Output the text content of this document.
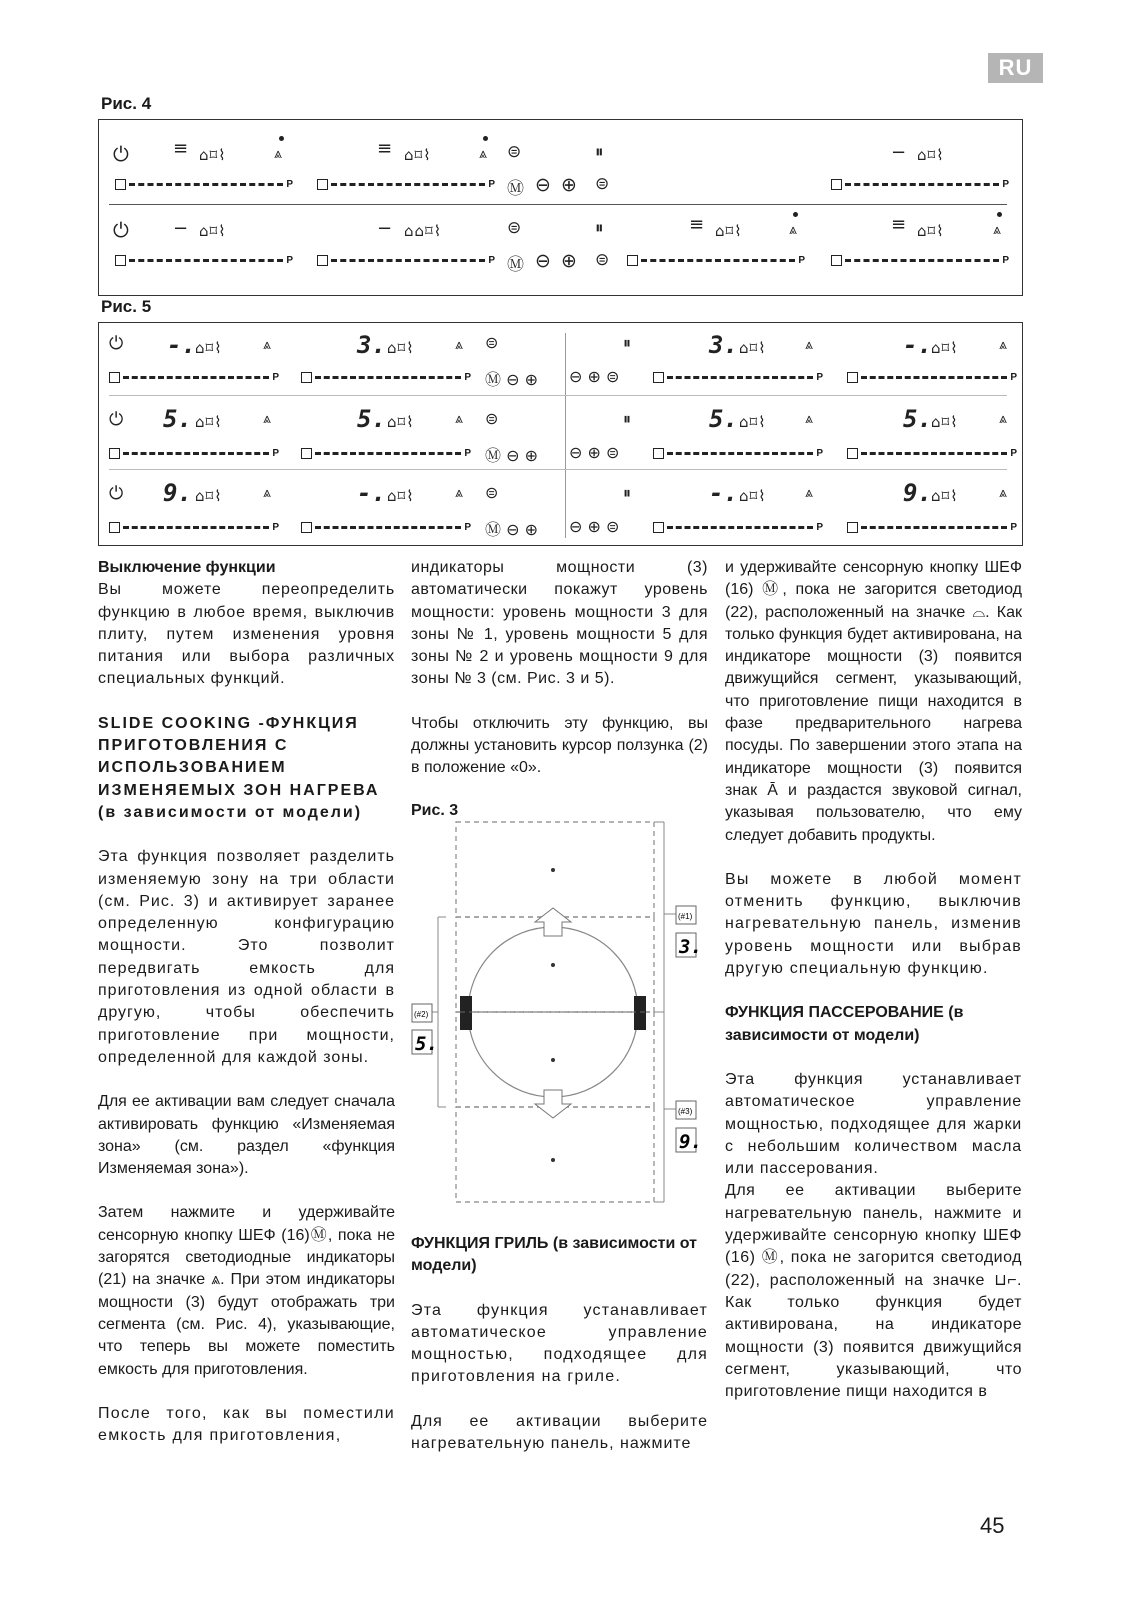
RU
Рис. 4
⏻ ≡ ⌂⌑⌇	⩓	≡ ⌂⌑⌇	⩓ ⊜	⏸	− ⌂⌑⌇
P	P Ⓜ ⊖ ⊕ ⊜	P
⏻ − ⌂⌑⌇	− ⌂⌂⌑⌇	⊜	⏸	≡ ⌂⌑⌇	⩓	≡ ⌂⌑⌇	⩓
P	P Ⓜ ⊖ ⊕ ⊜	P	P
Рис. 5
⏻ -. ⌂⌑⌇	⩓	3. ⌂⌑⌇	⩓ ⊜	⏸	3. ⌂⌑⌇	⩓	-. ⌂⌑⌇	⩓
P	P Ⓜ ⊖ ⊕ ⊖ ⊕ ⊜	P	P
⏻ 5. ⌂⌑⌇	⩓	5. ⌂⌑⌇	⩓ ⊜	⏸	5. ⌂⌑⌇	⩓	5. ⌂⌑⌇	⩓
P	P Ⓜ ⊖ ⊕ ⊖ ⊕ ⊜	P	P
⏻ 9. ⌂⌑⌇	⩓	-. ⌂⌑⌇	⩓ ⊜	⏸	-. ⌂⌑⌇	⩓	9. ⌂⌑⌇	⩓
P	P Ⓜ ⊖ ⊕ ⊖ ⊕ ⊜	P	P
Выключение функции

Вы можете переопределить функцию в любое время, выключив плиту, путем изменения уровня питания или выбора различных специальных функций.

SLIDE COOKING -ФУНКЦИЯ ПРИГОТОВЛЕНИЯ С ИСПОЛЬЗОВАНИЕМ ИЗМЕНЯЕМЫХ ЗОН НАГРЕВА (в зависимости от модели)

Эта функция позволяет разделить изменяемую зону на три области (см. Рис. 3) и активирует заранее определенную конфигурацию мощности. Это позволит передвигать емкость для приготовления из одной области в другую, чтобы обеспечить приготовление при мощности, определенной для каждой зоны.

Для ее активации вам следует сначала активировать функцию «Изменяемая зона» (см. раздел «функция Изменяемая зона»).

Затем нажмите и удерживайте сенсорную кнопку ШЕФ (16)Ⓜ, пока не загорятся светодиодные индикаторы (21) на значке ⩓. При этом индикаторы мощности (3) будут отображать три сегмента (см. Рис. 4), указывающие, что теперь вы можете поместить емкость для приготовления.

После того, как вы поместили емкость для приготовления,

индикаторы мощности (3) автоматически покажут уровень мощности: уровень мощности 3 для зоны № 1, уровень мощности 5 для зоны № 2 и уровень мощности 9 для зоны № 3 (см. Рис. 3 и 5).

Чтобы отключить эту функцию, вы должны установить курсор ползунка (2) в положение «0».

Рис. 3
(#1)
3.
(#2)
5.
(#3)
9.
ФУНКЦИЯ ГРИЛЬ (в зависимости от модели)

Эта функция устанавливает автоматическое управление мощностью, подходящее для приготовления на гриле.

Для ее активации выберите нагревательную панель, нажмите

и удерживайте сенсорную кнопку ШЕФ (16) Ⓜ, пока не загорится светодиод (22), расположенный на значке ⌓. Как только функция будет активирована, на индикаторе мощности (3) появится движущийся сегмент, указывающий, что приготовление пищи находится в фазе предварительного нагрева посуды. По завершении этого этапа на индикаторе мощности (3) появится знак Ā и раздастся звуковой сигнал, указывая пользователю, что ему следует добавить продукты.

Вы можете в любой момент отменить функцию, выключив нагревательную панель, изменив уровень мощности или выбрав другую специальную функцию.

ФУНКЦИЯ ПАССЕРОВАНИЕ (в зависимости от модели)

Эта функция устанавливает автоматическое управление мощностью, подходящее для жарки с небольшим количеством масла или пассерования.

Для ее активации выберите нагревательную панель, нажмите и удерживайте сенсорную кнопку ШЕФ (16) Ⓜ, пока не загорится светодиод (22), расположенный на значке ⊔⌐. Как только функция будет активирована, на индикаторе мощности (3) появится движущийся сегмент, указывающий, что приготовление пищи находится в

45
